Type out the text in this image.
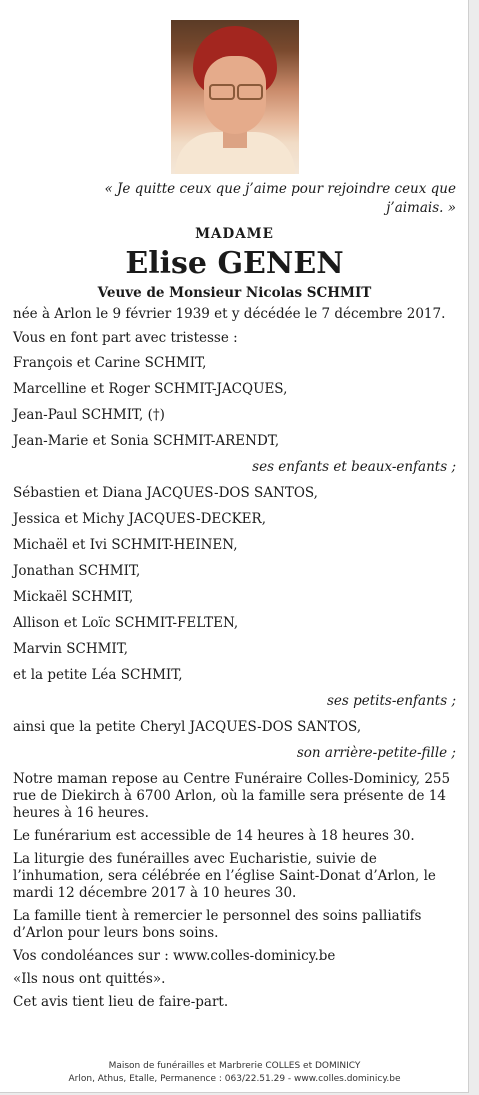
« Je quitte ceux que j’aime pour rejoindre ceux que j’aimais. »
MADAME
Elise GENEN
Veuve de Monsieur Nicolas SCHMIT

née à Arlon le 9 février 1939 et y décédée le 7 décembre 2017.

Vous en font part avec tristesse :

François et Carine SCHMIT,

Marcelline et Roger SCHMIT-JACQUES,

Jean-Paul SCHMIT, (†)

Jean-Marie et Sonia SCHMIT-ARENDT,

ses enfants et beaux-enfants ;

Sébastien et Diana JACQUES-DOS SANTOS,

Jessica et Michy JACQUES-DECKER,

Michaël et Ivi SCHMIT-HEINEN,

Jonathan SCHMIT,

Mickaël SCHMIT,

Allison et Loïc SCHMIT-FELTEN,

Marvin SCHMIT,

et la petite Léa SCHMIT,

ses petits-enfants ;

ainsi que la petite Cheryl JACQUES-DOS SANTOS,

son arrière-petite-fille ;

Notre maman repose au Centre Funéraire Colles-Dominicy, 255 rue de Diekirch à 6700 Arlon, où la famille sera présente de 14 heures à 16 heures.

Le funérarium est accessible de 14 heures à 18 heures 30.

La liturgie des funérailles avec Eucharistie, suivie de l’inhumation, sera célébrée en l’église Saint-Donat d’Arlon, le mardi 12 décembre 2017 à 10 heures 30.

La famille tient à remercier le personnel des soins palliatifs d’Arlon pour leurs bons soins.

Vos condoléances sur : www.colles-dominicy.be

«Ils nous ont quittés».

Cet avis tient lieu de faire-part.

Maison de funérailles et Marbrerie COLLES et DOMINICY
Arlon, Athus, Etalle, Permanence : 063/22.51.29 - www.colles.dominicy.be
